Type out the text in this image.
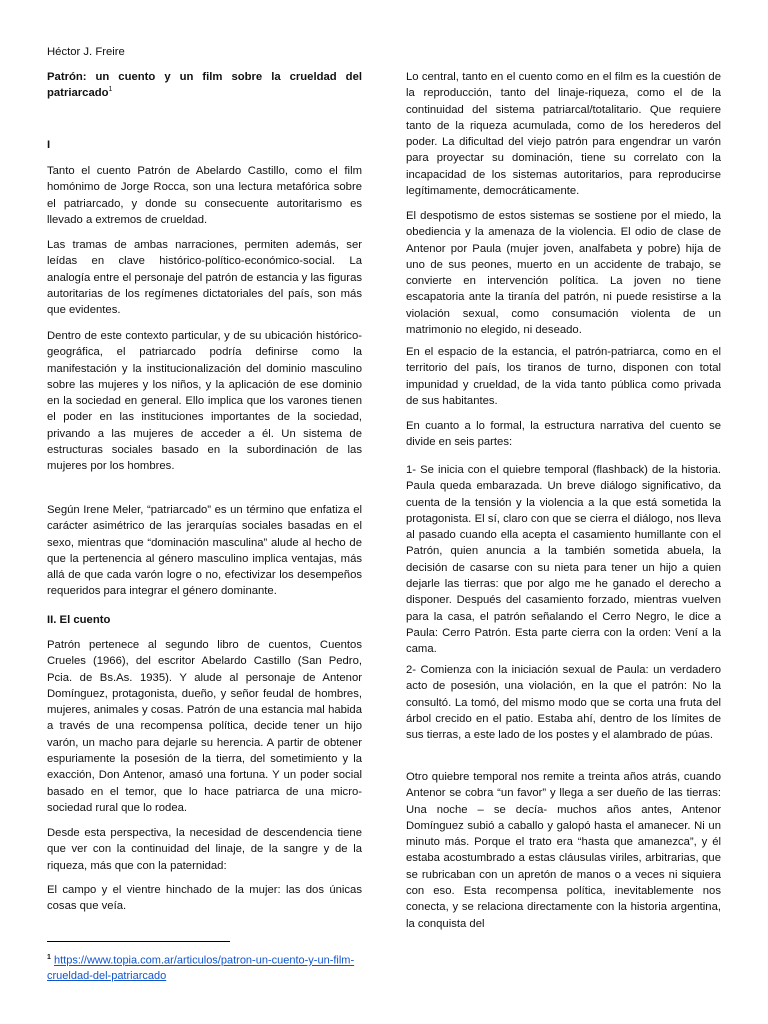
Héctor J. Freire
Patrón: un cuento y un film sobre la crueldad del patriarcado$^1$
I

Tanto el cuento Patrón de Abelardo Castillo, como el film homónimo de Jorge Rocca, son una lectura metafórica sobre el patriarcado, y donde su consecuente autoritarismo es llevado a extremos de crueldad.

Las tramas de ambas narraciones, permiten además, ser leídas en clave histórico-político-económico-social. La analogía entre el personaje del patrón de estancia y las figuras autoritarias de los regímenes dictatoriales del país, son más que evidentes.

Dentro de este contexto particular, y de su ubicación histórico-geográfica, el patriarcado podría definirse como la manifestación y la institucionalización del dominio masculino sobre las mujeres y los niños, y la aplicación de ese dominio en la sociedad en general. Ello implica que los varones tienen el poder en las instituciones importantes de la sociedad, privando a las mujeres de acceder a él. Un sistema de estructuras sociales basado en la subordinación de las mujeres por los hombres.

Según Irene Meler, “patriarcado” es un término que enfatiza el carácter asimétrico de las jerarquías sociales basadas en el sexo, mientras que “dominación masculina” alude al hecho de que la pertenencia al género masculino implica ventajas, más allá de que cada varón logre o no, efectivizar los desempeños requeridos para integrar el género dominante.

II. El cuento

Patrón pertenece al segundo libro de cuentos, Cuentos Crueles (1966), del escritor Abelardo Castillo (San Pedro, Pcia. de Bs.As. 1935). Y alude al personaje de Antenor Domínguez, protagonista, dueño, y señor feudal de hombres, mujeres, animales y cosas. Patrón de una estancia mal habida a través de una recompensa política, decide tener un hijo varón, un macho para dejarle su herencia. A partir de obtener espuriamente la posesión de la tierra, del sometimiento y la exacción, Don Antenor, amasó una fortuna. Y un poder social basado en el temor, que lo hace patriarca de una micro-sociedad rural que lo rodea.

Desde esta perspectiva, la necesidad de descendencia tiene que ver con la continuidad del linaje, de la sangre y de la riqueza, más que con la paternidad:

El campo y el vientre hinchado de la mujer: las dos únicas cosas que veía.

Lo central, tanto en el cuento como en el film es la cuestión de la reproducción, tanto del linaje-riqueza, como el de la continuidad del sistema patriarcal/totalitario. Que requiere tanto de la riqueza acumulada, como de los herederos del poder. La dificultad del viejo patrón para engendrar un varón para proyectar su dominación, tiene su correlato con la incapacidad de los sistemas autoritarios, para reproducirse legítimamente, democráticamente.

El despotismo de estos sistemas se sostiene por el miedo, la obediencia y la amenaza de la violencia. El odio de clase de Antenor por Paula (mujer joven, analfabeta y pobre) hija de uno de sus peones, muerto en un accidente de trabajo, se convierte en intervención política. La joven no tiene escapatoria ante la tiranía del patrón, ni puede resistirse a la violación sexual, como consumación violenta de un matrimonio no elegido, ni deseado.

En el espacio de la estancia, el patrón-patriarca, como en el territorio del país, los tiranos de turno, disponen con total impunidad y crueldad, de la vida tanto pública como privada de sus habitantes.

En cuanto a lo formal, la estructura narrativa del cuento se divide en seis partes:

1- Se inicia con el quiebre temporal (flashback) de la historia. Paula queda embarazada. Un breve diálogo significativo, da cuenta de la tensión y la violencia a la que está sometida la protagonista. El sí, claro con que se cierra el diálogo, nos lleva al pasado cuando ella acepta el casamiento humillante con el Patrón, quien anuncia a la también sometida abuela, la decisión de casarse con su nieta para tener un hijo a quien dejarle las tierras: que por algo me he ganado el derecho a disponer. Después del casamiento forzado, mientras vuelven para la casa, el patrón señalando el Cerro Negro, le dice a Paula: Cerro Patrón. Esta parte cierra con la orden: Vení a la cama.

2- Comienza con la iniciación sexual de Paula: un verdadero acto de posesión, una violación, en la que el patrón: No la consultó. La tomó, del mismo modo que se corta una fruta del árbol crecido en el patio. Estaba ahí, dentro de los límites de sus tierras, a este lado de los postes y el alambrado de púas.

Otro quiebre temporal nos remite a treinta años atrás, cuando Antenor se cobra “un favor” y llega a ser dueño de las tierras: Una noche – se decía- muchos años antes, Antenor Domínguez subió a caballo y galopó hasta el amanecer. Ni un minuto más. Porque el trato era “hasta que amanezca”, y él estaba acostumbrado a estas cláusulas viriles, arbitrarias, que se rubricaban con un apretón de manos o a veces ni siquiera con eso. Esta recompensa política, inevitablemente nos conecta, y se relaciona directamente con la historia argentina, la conquista del

$^1$ https://www.topia.com.ar/articulos/patron-un-cuento-y-un-film-crueldad-del-patriarcado
